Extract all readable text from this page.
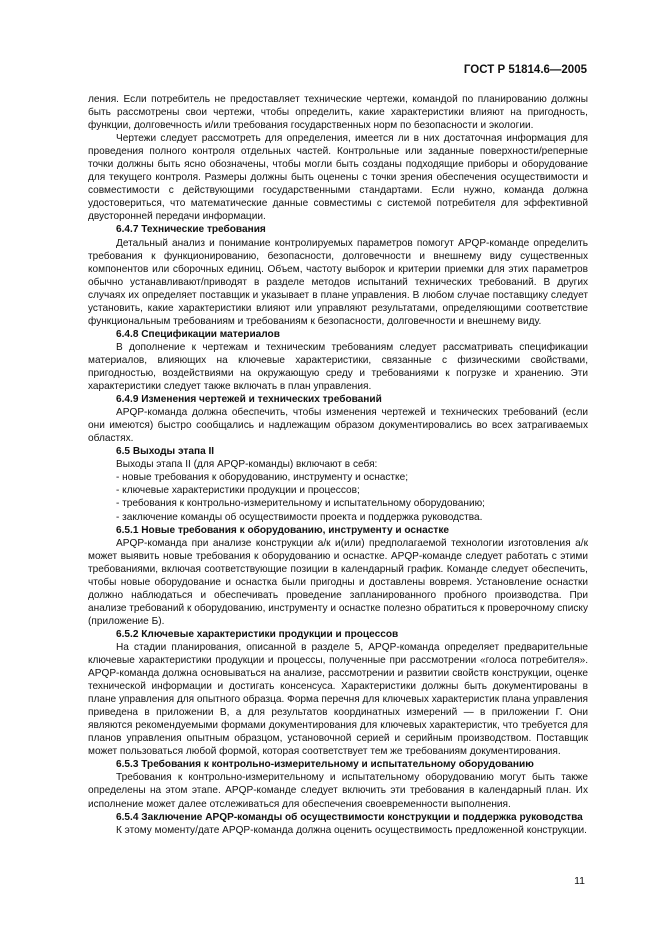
ГОСТ Р 51814.6—2005

ления. Если потребитель не предоставляет технические чертежи, командой по планированию должны быть рассмотрены свои чертежи, чтобы определить, какие характеристики влияют на пригодность, функции, долговечность и/или требования государственных норм по безопасности и экологии.

Чертежи следует рассмотреть для определения, имеется ли в них достаточная информация для проведения полного контроля отдельных частей. Контрольные или заданные поверхности/реперные точки должны быть ясно обозначены, чтобы могли быть созданы подходящие приборы и оборудование для текущего контроля. Размеры должны быть оценены с точки зрения обеспечения осуществимости и совместимости с действующими государственными стандартами. Если нужно, команда должна удостовериться, что математические данные совместимы с системой потребителя для эффективной двусторонней передачи информации.

6.4.7 Технические требования

Детальный анализ и понимание контролируемых параметров помогут APQP-команде определить требования к функционированию, безопасности, долговечности и внешнему виду существенных компонентов или сборочных единиц. Объем, частоту выборок и критерии приемки для этих параметров обычно устанавливают/приводят в разделе методов испытаний технических требований. В других случаях их определяет поставщик и указывает в плане управления. В любом случае поставщику следует установить, какие характеристики влияют или управляют результатами, определяющими соответствие функциональным требованиям и требованиям к безопасности, долговечности и внешнему виду.

6.4.8 Спецификации материалов

В дополнение к чертежам и техническим требованиям следует рассматривать спецификации материалов, влияющих на ключевые характеристики, связанные с физическими свойствами, пригодностью, воздействиями на окружающую среду и требованиями к погрузке и хранению. Эти характеристики следует также включать в план управления.

6.4.9 Изменения чертежей и технических требований

APQP-команда должна обеспечить, чтобы изменения чертежей и технических требований (если они имеются) быстро сообщались и надлежащим образом документировались во всех затрагиваемых областях.

6.5 Выходы этапа II

Выходы этапа II (для APQP-команды) включают в себя:

- новые требования к оборудованию, инструменту и оснастке;

- ключевые характеристики продукции и процессов;

- требования к контрольно-измерительному и испытательному оборудованию;

- заключение команды об осуществимости проекта и поддержка руководства.

6.5.1 Новые требования к оборудованию, инструменту и оснастке

APQP-команда при анализе конструкции а/к и(или) предполагаемой технологии изготовления а/к может выявить новые требования к оборудованию и оснастке. APQP-команде следует работать с этими требованиями, включая соответствующие позиции в календарный график. Команде следует обеспечить, чтобы новые оборудование и оснастка были пригодны и доставлены вовремя. Установление оснастки должно наблюдаться и обеспечивать проведение запланированного пробного производства. При анализе требований к оборудованию, инструменту и оснастке полезно обратиться к проверочному списку (приложение Б).

6.5.2 Ключевые характеристики продукции и процессов

На стадии планирования, описанной в разделе 5, APQP-команда определяет предварительные ключевые характеристики продукции и процессы, полученные при рассмотрении «голоса потребителя». APQP-команда должна основываться на анализе, рассмотрении и развитии свойств конструкции, оценке технической информации и достигать консенсуса. Характеристики должны быть документированы в плане управления для опытного образца. Форма перечня для ключевых характеристик плана управления приведена в приложении В, а для результатов координатных измерений — в приложении Г. Они являются рекомендуемыми формами документирования для ключевых характеристик, что требуется для планов управления опытным образцом, установочной серией и серийным производством. Поставщик может пользоваться любой формой, которая соответствует тем же требованиям документирования.

6.5.3 Требования к контрольно-измерительному и испытательному оборудованию

Требования к контрольно-измерительному и испытательному оборудованию могут быть также определены на этом этапе. APQP-команде следует включить эти требования в календарный план. Их исполнение может далее отслеживаться для обеспечения своевременности выполнения.

6.5.4 Заключение APQP-команды об осуществимости конструкции и поддержка руководства

К этому моменту/дате APQP-команда должна оценить осуществимость предложенной конструкции.

11
